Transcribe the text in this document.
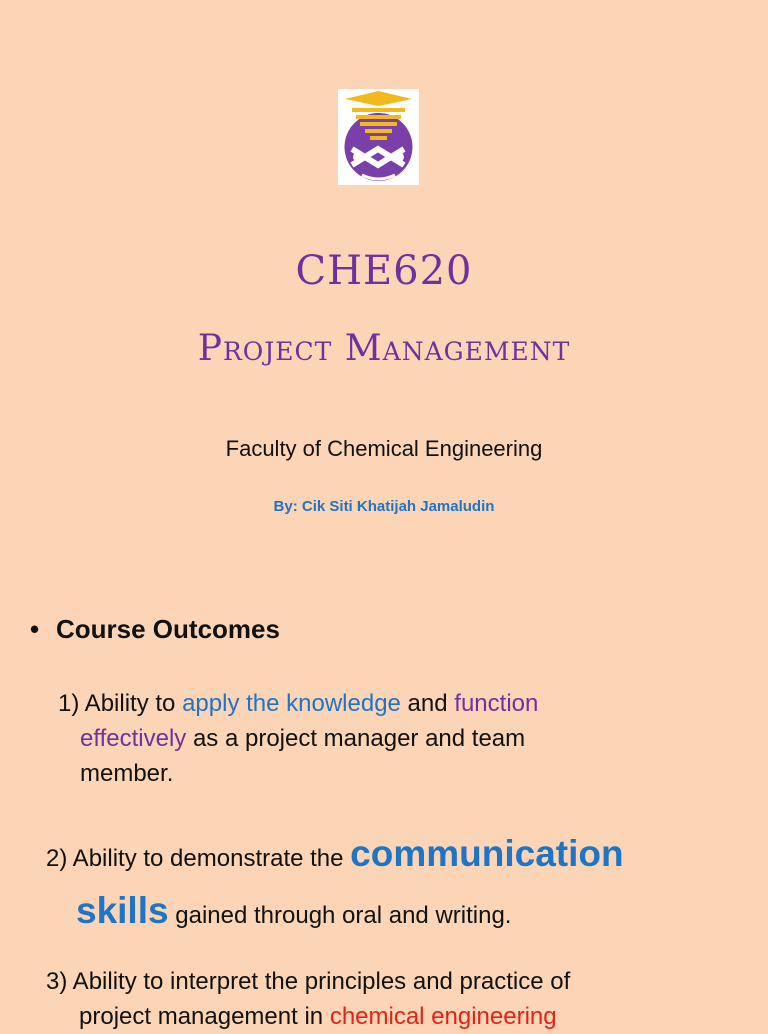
CHE620
Project Management
Faculty of Chemical Engineering
By: Cik Siti Khatijah Jamaludin
• Course Outcomes
1) Ability to apply the knowledge and function
effectively as a project manager and team
member.
2) Ability to demonstrate the communication
skills gained through oral and writing.
3) Ability to interpret the principles and practice of
project management in chemical engineering
